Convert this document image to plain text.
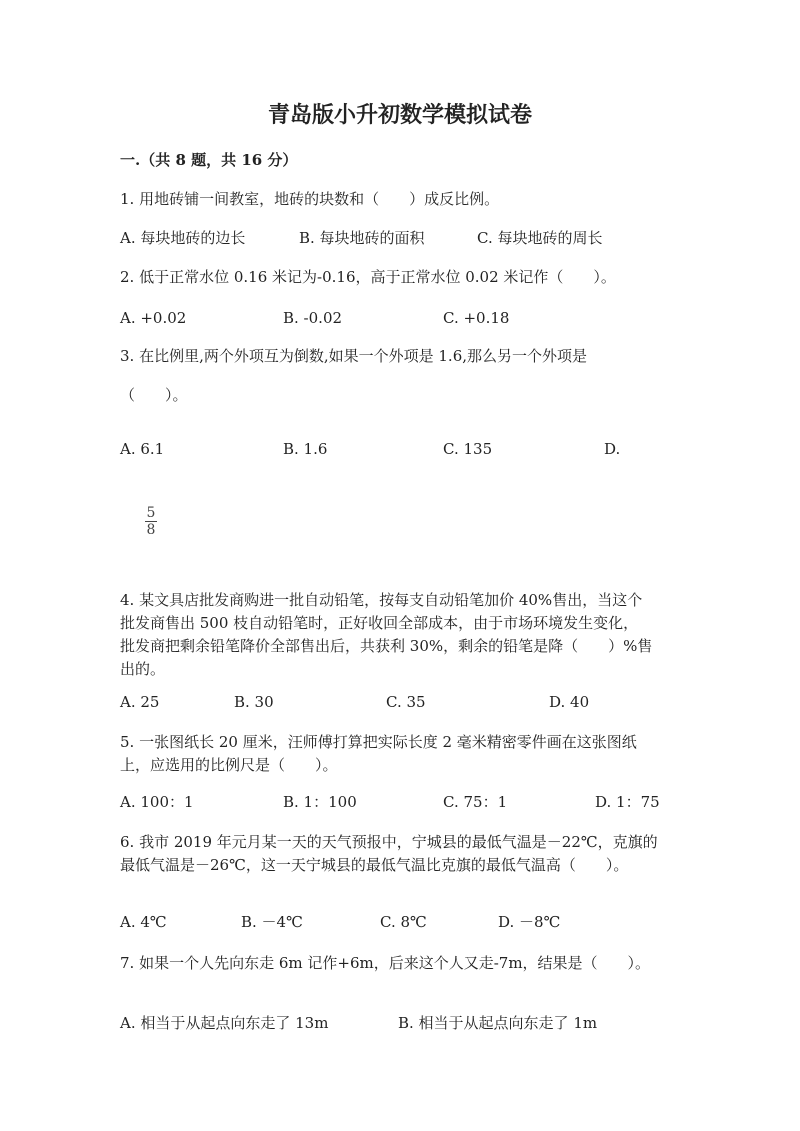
青岛版小升初数学模拟试卷
一.（共 8 题，共 16 分）
1. 用地砖铺一间教室，地砖的块数和（　　）成反比例。
A. 每块地砖的边长	B. 每块地砖的面积	C. 每块地砖的周长
2. 低于正常水位 0.16 米记为-0.16，高于正常水位 0.02 米记作（　　）。
A. +0.02	B. -0.02	C. +0.18
3. 在比例里,两个外项互为倒数,如果一个外项是 1.6,那么另一个外项是
（　　）。
A. 6.1	B. 1.6	C. 135	D.
5
8
4. 某文具店批发商购进一批自动铅笔，按每支自动铅笔加价 40%售出，当这个
批发商售出 500 枝自动铅笔时，正好收回全部成本，由于市场环境发生变化，
批发商把剩余铅笔降价全部售出后，共获利 30%，剩余的铅笔是降（　　）%售
出的。
A. 25	B. 30	C. 35	D. 40
5. 一张图纸长 20 厘米，汪师傅打算把实际长度 2 毫米精密零件画在这张图纸
上，应选用的比例尺是（　　）。
A. 100：1	B. 1：100	C. 75：1	D. 1：75
6. 我市 2019 年元月某一天的天气预报中，宁城县的最低气温是－22℃，克旗的
最低气温是－26℃，这一天宁城县的最低气温比克旗的最低气温高（　　）。
A. 4℃	B. －4℃	C. 8℃	D. －8℃
7. 如果一个人先向东走 6m 记作+6m，后来这个人又走-7m，结果是（　　）。
A. 相当于从起点向东走了 13m	B. 相当于从起点向东走了 1m
